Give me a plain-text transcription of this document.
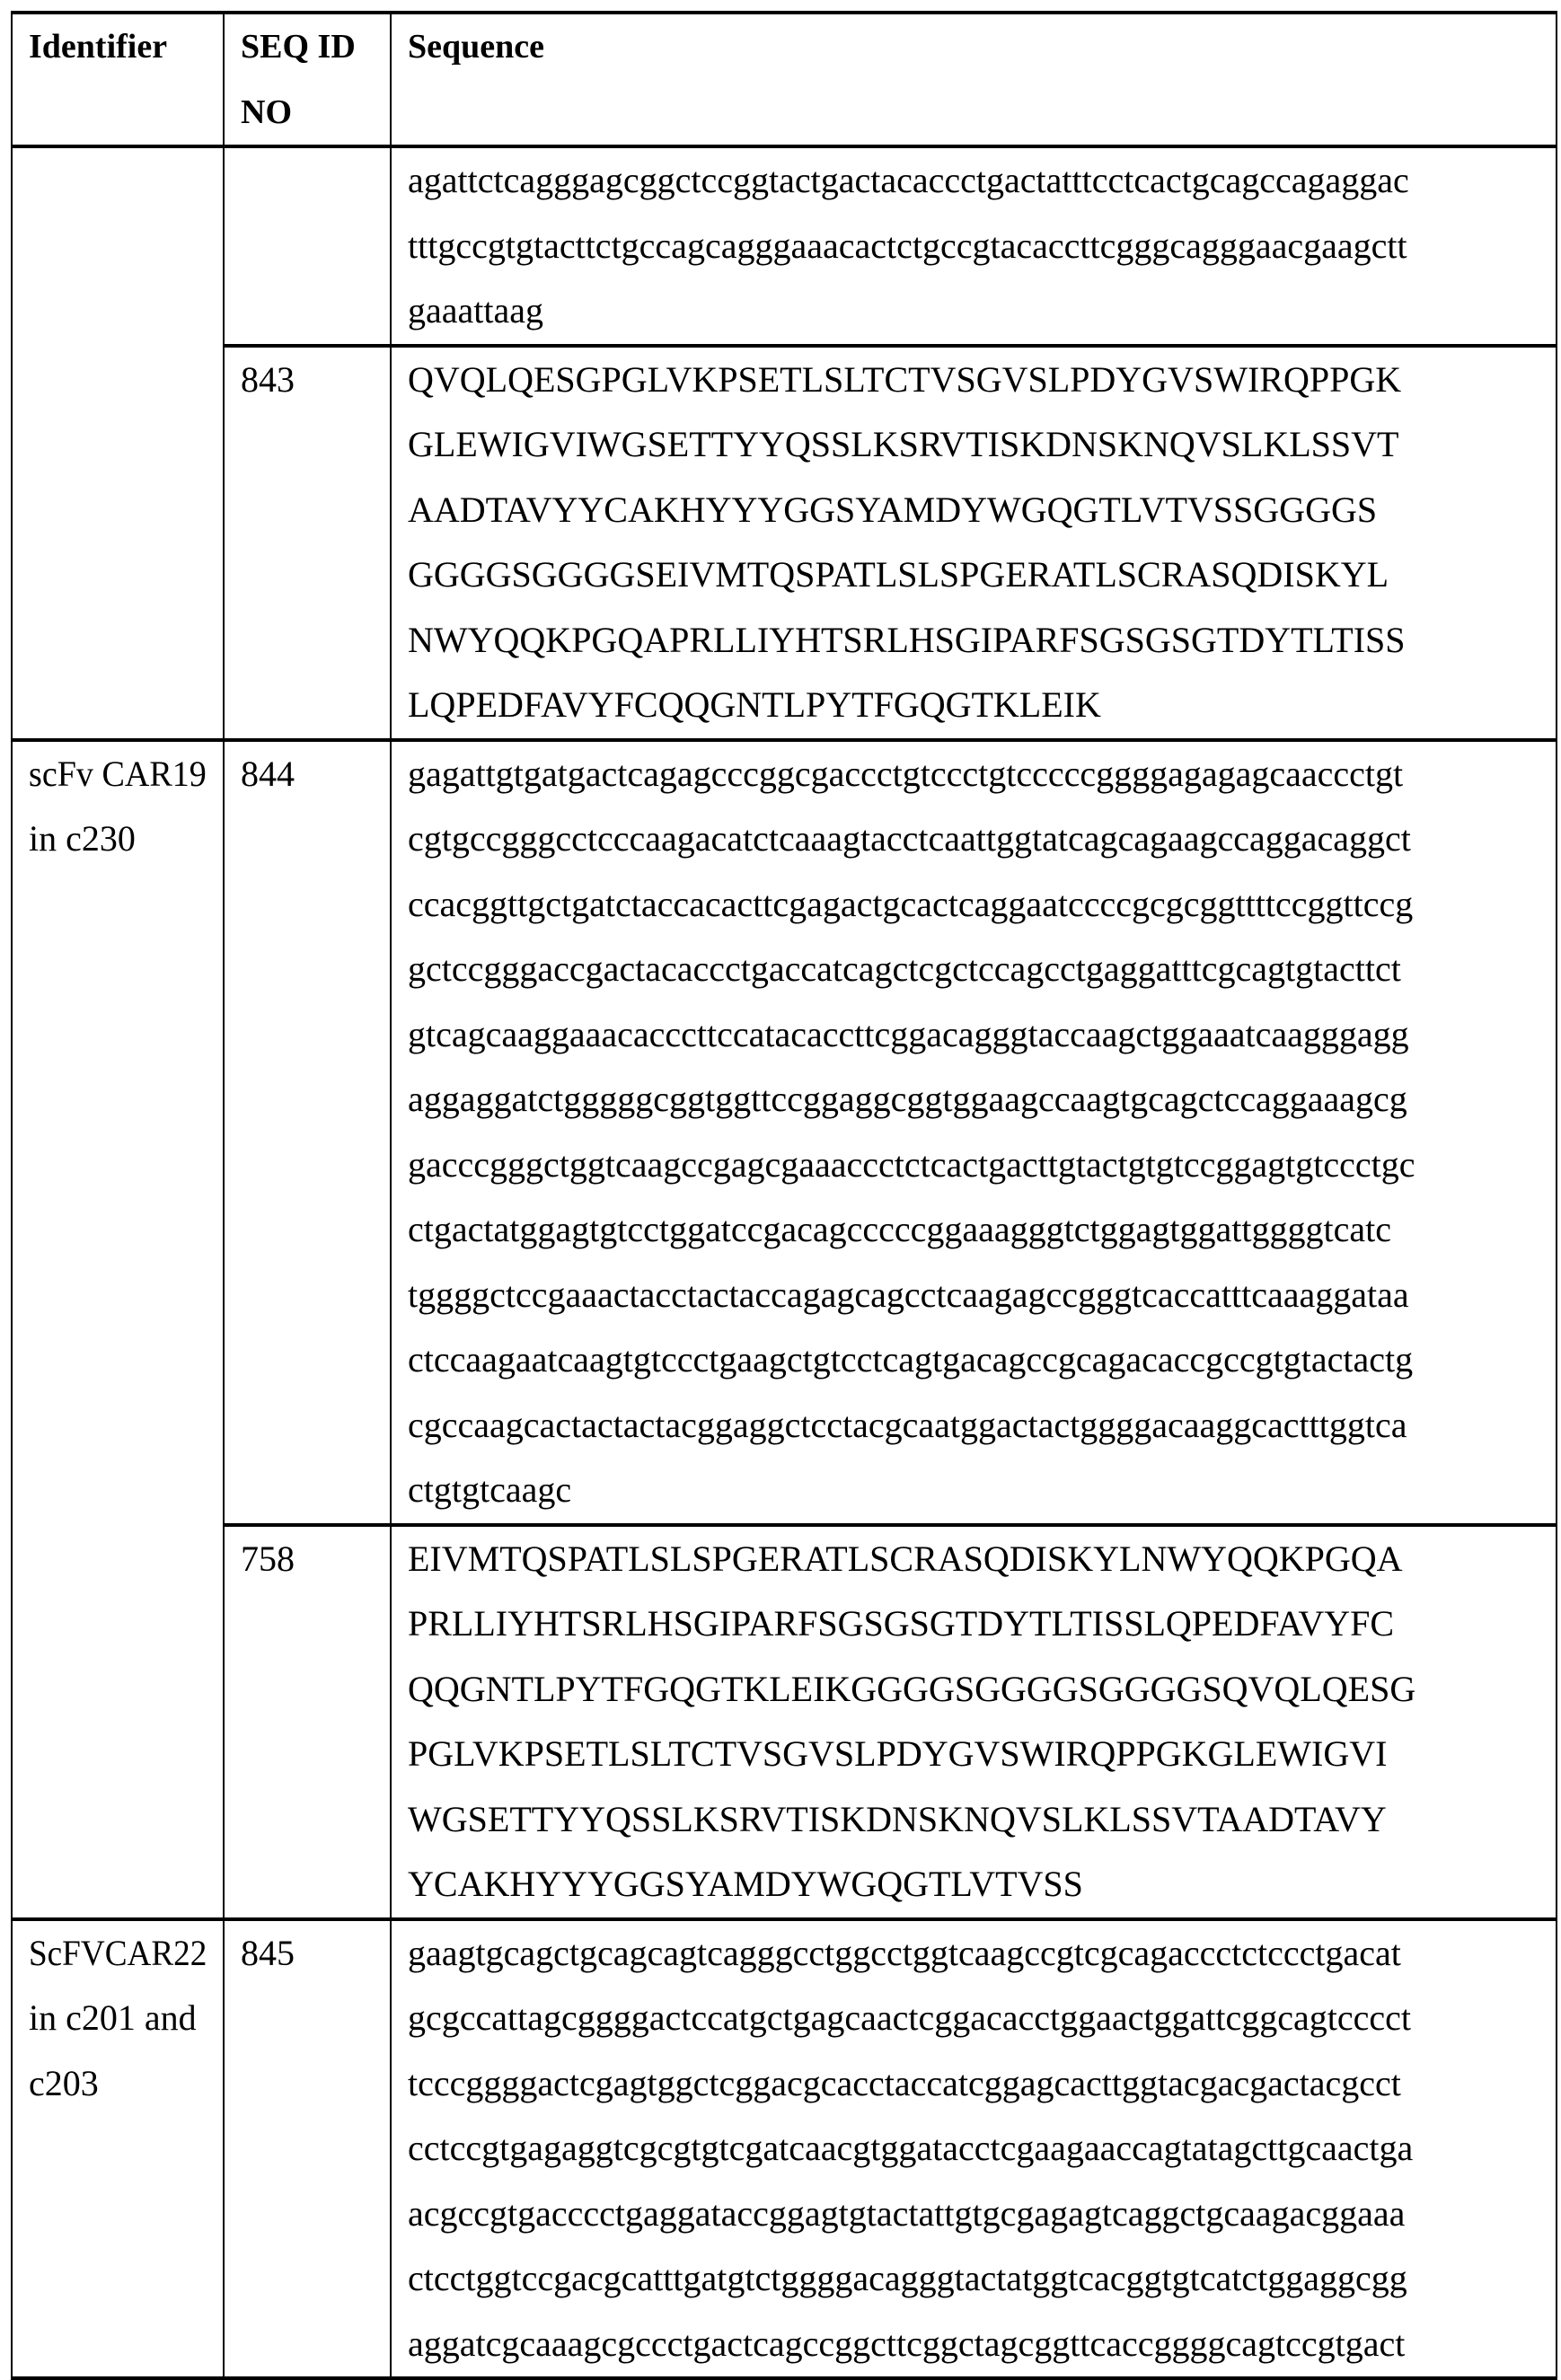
Identifier	SEQ ID
NO
	Sequence

agattctcagggagcggctccggtactgactacaccctgactatttcctcactgcagccagaggac
tttgccgtgtacttctgccagcagggaaacactctgccgtacaccttcgggcagggaacgaagctt
gaaattaag

843	QVQLQESGPGLVKPSETLSLTCTVSGVSLPDYGVSWIRQPPGK
GLEWIGVIWGSETTYYQSSLKSRVTISKDNSKNQVSLKLSSVT
AADTAVYYCAKHYYYGGSYAMDYWGQGTLVTVSSGGGGS
GGGGSGGGGSEIVMTQSPATLSLSPGERATLSCRASQDISKYL
NWYQQKPGQAPRLLIYHTSRLHSGIPARFSGSGSGTDYTLTISS
LQPEDFAVYFCQQGNTLPYTFGQGTKLEIK

scFv CAR19
in c230
	844	gagattgtgatgactcagagcccggcgaccctgtccctgtcccccggggagagagcaaccctgt
cgtgccgggcctcccaagacatctcaaagtacctcaattggtatcagcagaagccaggacaggct
ccacggttgctgatctaccacacttcgagactgcactcaggaatccccgcgcggttttccggttccg
gctccgggaccgactacaccctgaccatcagctcgctccagcctgaggatttcgcagtgtacttct
gtcagcaaggaaacacccttccatacaccttcggacagggtaccaagctggaaatcaagggagg
aggaggatctgggggcggtggttccggaggcggtggaagccaagtgcagctccaggaaagcg
gacccgggctggtcaagccgagcgaaaccctctcactgacttgtactgtgtccggagtgtccctgc
ctgactatggagtgtcctggatccgacagcccccggaaagggtctggagtggattggggtcatc
tggggctccgaaactacctactaccagagcagcctcaagagccgggtcaccatttcaaaggataa
ctccaagaatcaagtgtccctgaagctgtcctcagtgacagccgcagacaccgccgtgtactactg
cgccaagcactactactacggaggctcctacgcaatggactactggggacaaggcactttggtca
ctgtgtcaagc

758	EIVMTQSPATLSLSPGERATLSCRASQDISKYLNWYQQKPGQA
PRLLIYHTSRLHSGIPARFSGSGSGTDYTLTISSLQPEDFAVYFC
QQGNTLPYTFGQGTKLEIKGGGGSGGGGSGGGGSQVQLQESG
PGLVKPSETLSLTCTVSGVSLPDYGVSWIRQPPGKGLEWIGVI
WGSETTYYQSSLKSRVTISKDNSKNQVSLKLSSVTAADTAVY
YCAKHYYYGGSYAMDYWGQGTLVTVSS

ScFVCAR22
in c201 and
c203
	845	gaagtgcagctgcagcagtcagggcctggcctggtcaagccgtcgcagaccctctccctgacat
gcgccattagcggggactccatgctgagcaactcggacacctggaactggattcggcagtcccct
tcccggggactcgagtggctcggacgcacctaccatcggagcacttggtacgacgactacgcct
cctccgtgagaggtcgcgtgtcgatcaacgtggatacctcgaagaaccagtatagcttgcaactga
acgccgtgacccctgaggataccggagtgtactattgtgcgagagtcaggctgcaagacggaaa
ctcctggtccgacgcatttgatgtctggggacagggtactatggtcacggtgtcatctggaggcgg
aggatcgcaaagcgccctgactcagccggcttcggctagcggttcaccggggcagtccgtgact
